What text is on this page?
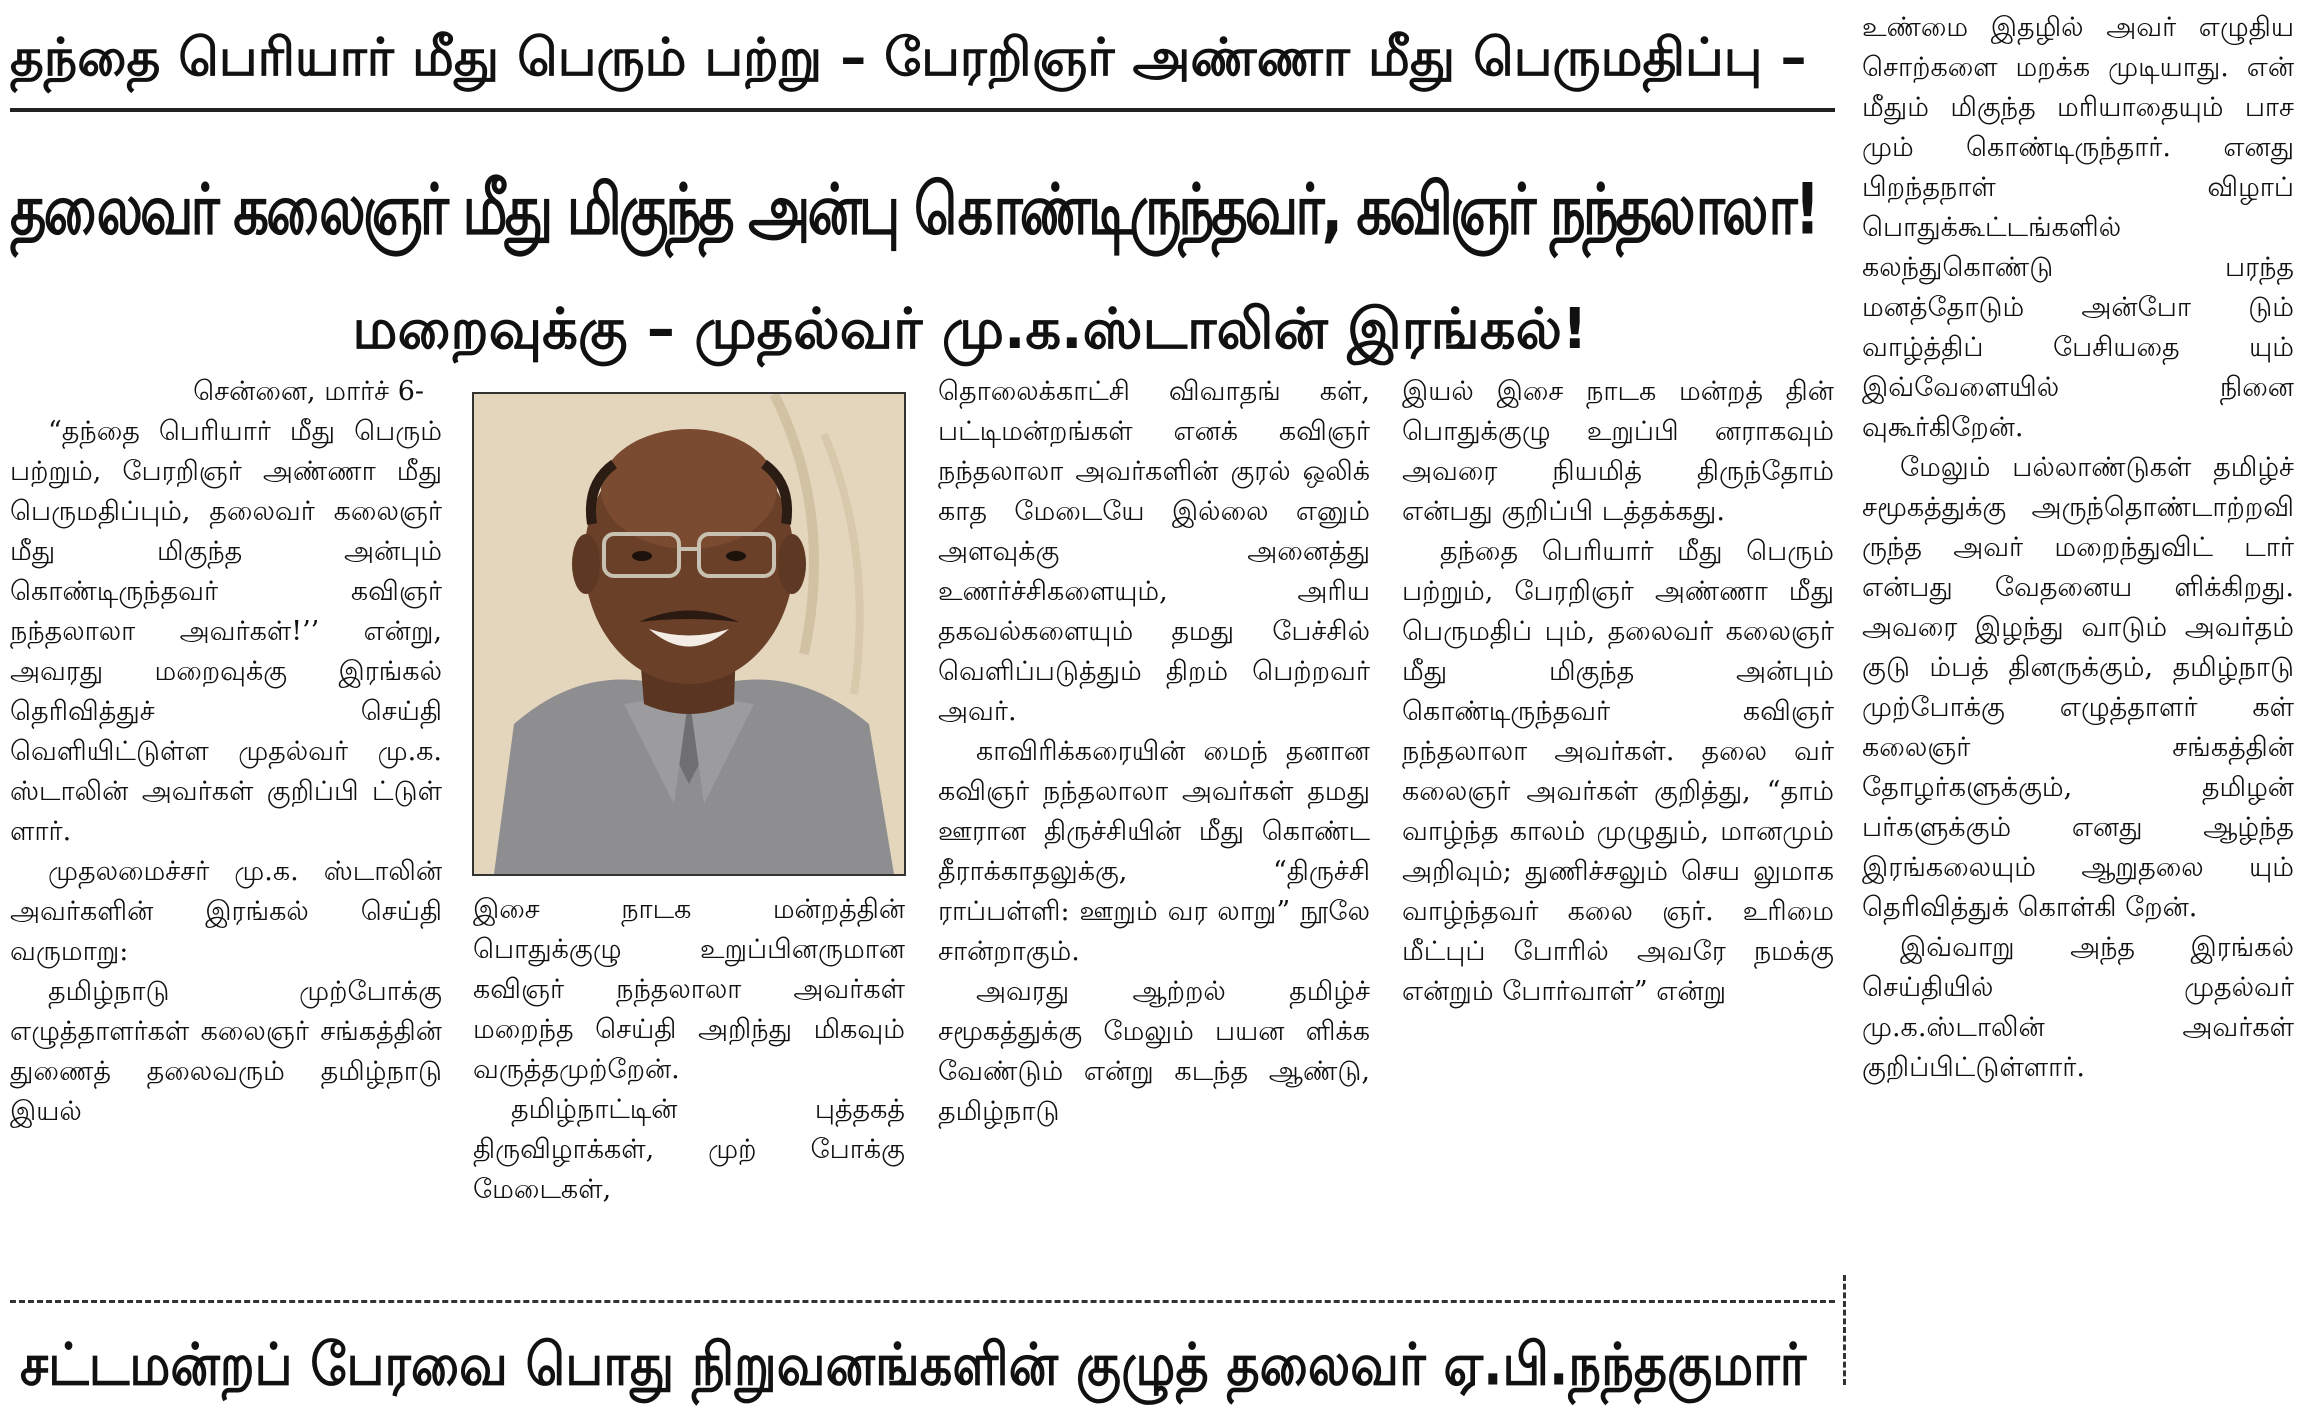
தந்தை பெரியார் மீது பெரும் பற்று – பேரறிஞர் அண்ணா மீது பெருமதிப்பு –
தலைவர் கலைஞர் மீது மிகுந்த அன்பு கொண்டிருந்தவர், கவிஞர் நந்தலாலா!
மறைவுக்கு – முதல்வர் மு.க.ஸ்டாலின் இரங்கல்!

சென்னை, மார்ச் 6-

“தந்தை பெரியார் மீது பெரும் பற்றும், பேரறிஞர் அண்ணா மீது பெருமதிப்பும், தலைவர் கலைஞர் மீது மிகுந்த அன்பும் கொண்டிருந்தவர் கவிஞர் நந்தலாலா அவர்கள்!’’ என்று, அவரது மறைவுக்கு இரங்கல் தெரிவித்துச் செய்தி வெளியிட்டுள்ள முதல்வர் மு.க. ஸ்டாலின் அவர்கள் குறிப்பி ட்டுள் ளார்.

முதலமைச்சர் மு.க. ஸ்டாலின் அவர்களின் இரங்கல் செய்தி வருமாறு:

தமிழ்நாடு முற்போக்கு எழுத்தாளர்கள் கலைஞர் சங்கத்தின் துணைத் தலைவரும் தமிழ்நாடு இயல்

இசை நாடக மன்றத்தின் பொதுக்குழு உறுப்பினருமான கவிஞர் நந்தலாலா அவர்கள் மறைந்த செய்தி அறிந்து மிகவும் வருத்தமுற்றேன்.

தமிழ்நாட்டின் புத்தகத் திருவிழாக்கள், முற் போக்கு மேடைகள்,

தொலைக்காட்சி விவாதங் கள், பட்டிமன்றங்கள் எனக் கவிஞர் நந்தலாலா அவர்களின் குரல் ஒலிக் காத மேடையே இல்லை எனும் அளவுக்கு அனைத்து உணர்ச்சிகளையும், அரிய தகவல்களையும் தமது பேச்சில் வெளிப்படுத்தும் திறம் பெற்றவர் அவர்.

காவிரிக்கரையின் மைந் தனான கவிஞர் நந்தலாலா அவர்கள் தமது ஊரான திருச்சியின் மீது கொண்ட தீராக்காதலுக்கு, “திருச்சி ராப்பள்ளி: ஊறும் வர லாறு” நூலே சான்றாகும்.

அவரது ஆற்றல் தமிழ்ச் சமூகத்துக்கு மேலும் பயன ளிக்க வேண்டும் என்று கடந்த ஆண்டு, தமிழ்நாடு

இயல் இசை நாடக மன்றத் தின் பொதுக்குழு உறுப்பி னராகவும் அவரை நியமித் திருந்தோம் என்பது குறிப்பி டத்தக்கது.

தந்தை பெரியார் மீது பெரும் பற்றும், பேரறிஞர் அண்ணா மீது பெருமதிப் பும், தலைவர் கலைஞர் மீது மிகுந்த அன்பும் கொண்டிருந்தவர் கவிஞர் நந்தலாலா அவர்கள். தலை வர் கலைஞர் அவர்கள் குறித்து, “தாம் வாழ்ந்த காலம் முழுதும், மானமும் அறிவும்; துணிச்சலும் செய லுமாக வாழ்ந்தவர் கலை ஞர். உரிமை மீட்புப் போரில் அவரே நமக்கு என்றும் போர்வாள்” என்று

உண்மை இதழில் அவர் எழுதிய சொற்களை மறக்க முடியாது. என் மீதும் மிகுந்த மரியாதையும் பாச மும் கொண்டிருந்தார். எனது பிறந்தநாள் விழாப் பொதுக்கூட்டங்களில் கலந்துகொண்டு பரந்த மனத்தோடும் அன்போ டும் வாழ்த்திப் பேசியதை யும் இவ்வேளையில் நினை வுகூர்கிறேன்.

மேலும் பல்லாண்டுகள் தமிழ்ச் சமூகத்துக்கு அருந்தொண்டாற்றவி ருந்த அவர் மறைந்துவிட் டார் என்பது வேதனைய ளிக்கிறது. அவரை இழந்து வாடும் அவர்தம் குடு ம்பத் தினருக்கும், தமிழ்நாடு முற்போக்கு எழுத்தாளர் கள் கலைஞர் சங்கத்தின் தோழர்களுக்கும், தமிழன் பர்களுக்கும் எனது ஆழ்ந்த இரங்கலையும் ஆறுதலை யும் தெரிவித்துக் கொள்கி றேன்.

இவ்வாறு அந்த இரங்கல் செய்தியில் முதல்வர் மு.க.ஸ்டாலின் அவர்கள் குறிப்பிட்டுள்ளார்.

சட்டமன்றப் பேரவை பொது நிறுவனங்களின் குழுத் தலைவர் ஏ.பி.நந்தகுமார்
